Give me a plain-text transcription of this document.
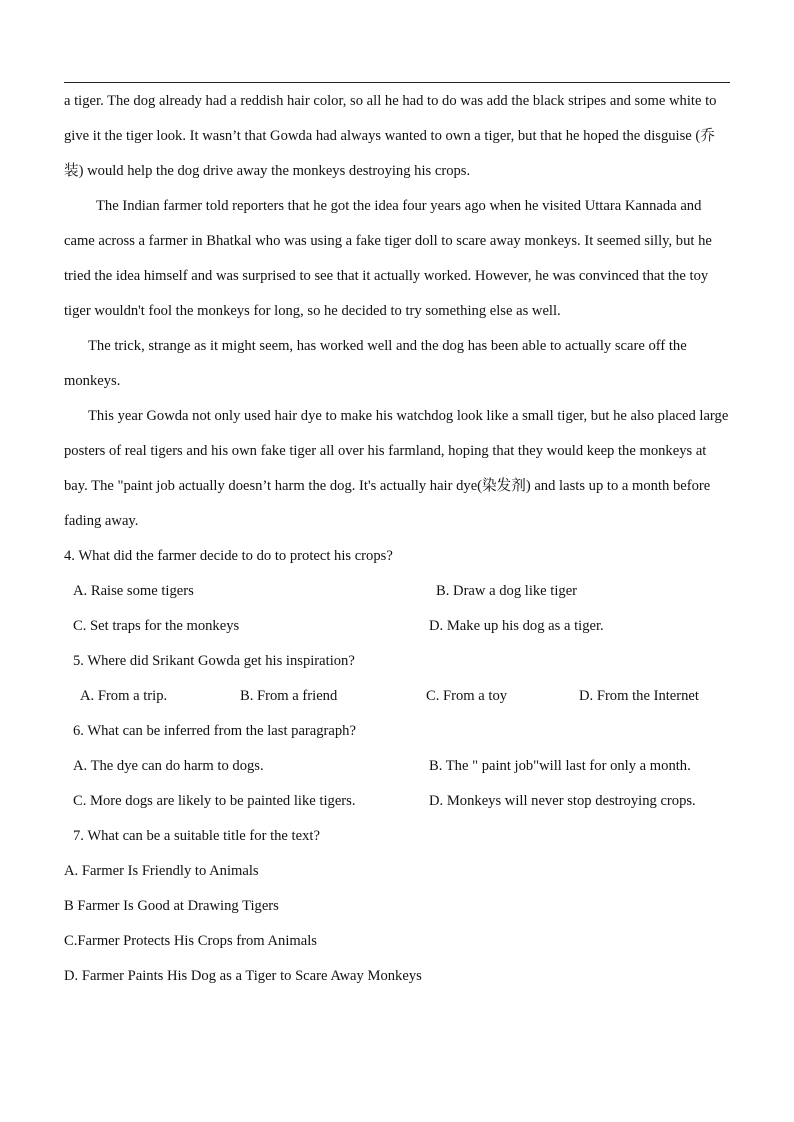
a tiger. The dog already had a reddish hair color, so all he had to do was add the black stripes and some white to give it the tiger look. It wasn’t that Gowda had always wanted to own a tiger, but that he hoped the disguise (乔装) would help the dog drive away the monkeys destroying his crops.

The Indian farmer told reporters that he got the idea four years ago when he visited Uttara Kannada and came across a farmer in Bhatkal who was using a fake tiger doll to scare away monkeys. It seemed silly, but he tried the idea himself and was surprised to see that it actually worked. However, he was convinced that the toy tiger wouldn't fool the monkeys for long, so he decided to try something else as well.

The trick, strange as it might seem, has worked well and the dog has been able to actually scare off the monkeys.

This year Gowda not only used hair dye to make his watchdog look like a small tiger, but he also placed large posters of real tigers and his own fake tiger all over his farmland, hoping that they would keep the monkeys at bay. The "paint job actually doesn’t harm the dog. It's actually hair dye(染发剂) and lasts up to a month before fading away.

4. What did the farmer decide to do to protect his crops?
A. Raise some tigers	B. Draw a dog like tiger
C. Set traps for the monkeys	D. Make up his dog as a tiger.
5. Where did Srikant Gowda get his inspiration?
A. From a trip.	B. From a friend	C. From a toy	D. From the Internet
6. What can be inferred from the last paragraph?
A. The dye can do harm to dogs.	B. The " paint job"will last for only a month.
C. More dogs are likely to be painted like tigers.	D. Monkeys will never stop destroying crops.
7. What can be a suitable title for the text?
A. Farmer Is Friendly to Animals
B Farmer Is Good at Drawing Tigers
C.Farmer Protects His Crops from Animals
D. Farmer Paints His Dog as a Tiger to Scare Away Monkeys
